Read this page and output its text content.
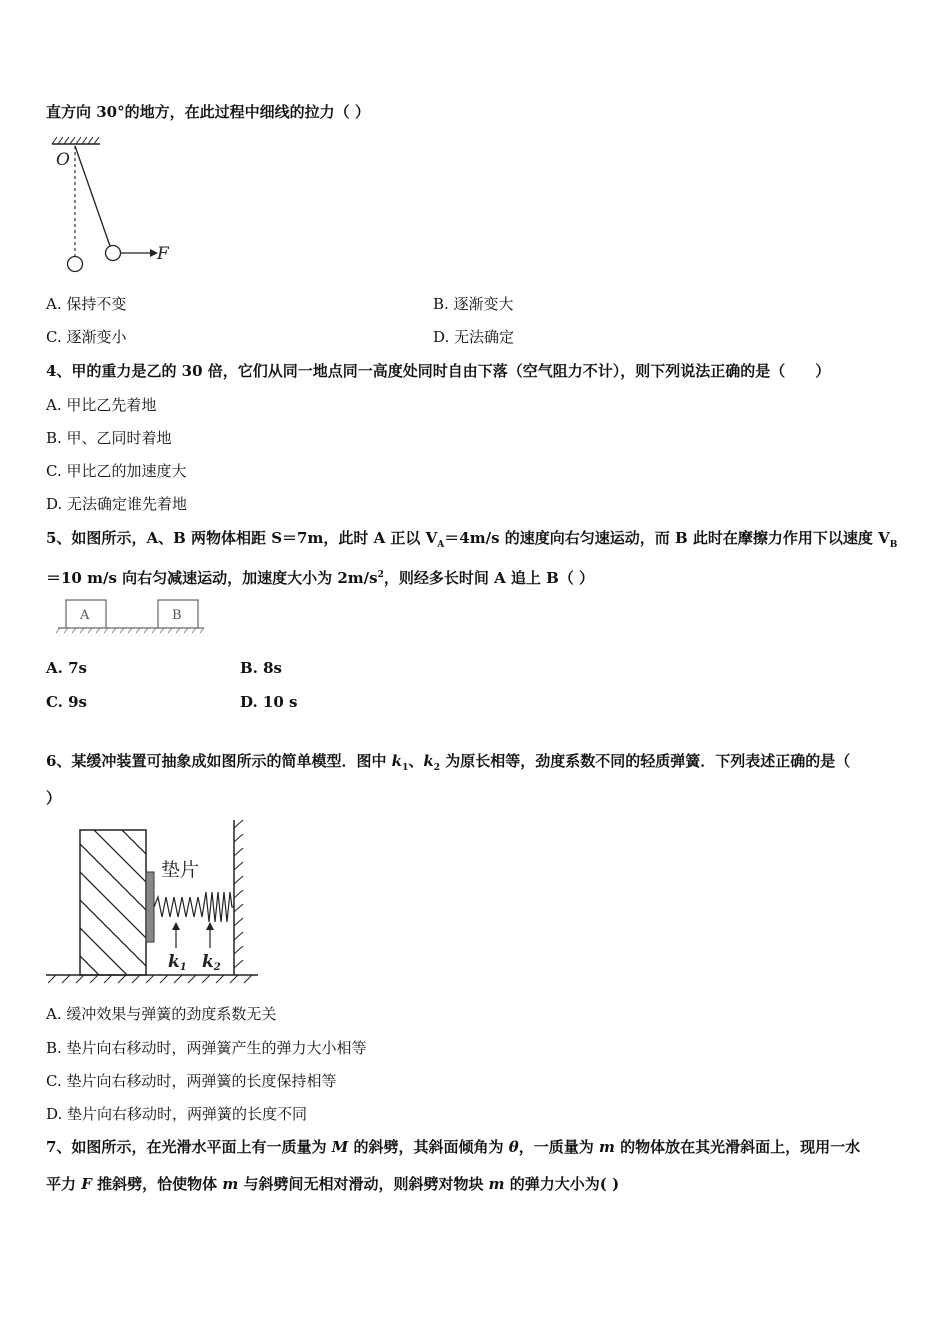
直方向 30°的地方，在此过程中细线的拉力（ ）
O
F
A. 保持不变	B. 逐渐变大
C. 逐渐变小	D. 无法确定
4、甲的重力是乙的 30 倍，它们从同一地点同一高度处同时自由下落（空气阻力不计），则下列说法正确的是（　　）
A. 甲比乙先着地
B. 甲、乙同时着地
C. 甲比乙的加速度大
D. 无法确定谁先着地
5、如图所示，A、B 两物体相距 S＝7m，此时 A 正以 $V_A=4m/s$ 的速度向右匀速运动，而 B 此时在摩擦力作用下以速度 $V_B$
＝10 m/s 向右匀减速运动，加速度大小为 $2m/s^2$，则经多长时间 A 追上 B（ ）
A	B
A. 7s	B. 8s
C. 9s	D. 10 s
6、某缓冲装置可抽象成如图所示的简单模型．图中 $k_1$、$k_2$ 为原长相等，劲度系数不同的轻质弹簧．下列表述正确的是（
）
垫片
k1 k2
A. 缓冲效果与弹簧的劲度系数无关
B. 垫片向右移动时，两弹簧产生的弹力大小相等
C. 垫片向右移动时，两弹簧的长度保持相等
D. 垫片向右移动时，两弹簧的长度不同
7、如图所示，在光滑水平面上有一质量为 M 的斜劈，其斜面倾角为 θ，一质量为 m 的物体放在其光滑斜面上，现用一水
平力 F 推斜劈，恰使物体 m 与斜劈间无相对滑动，则斜劈对物块 m 的弹力大小为( )
